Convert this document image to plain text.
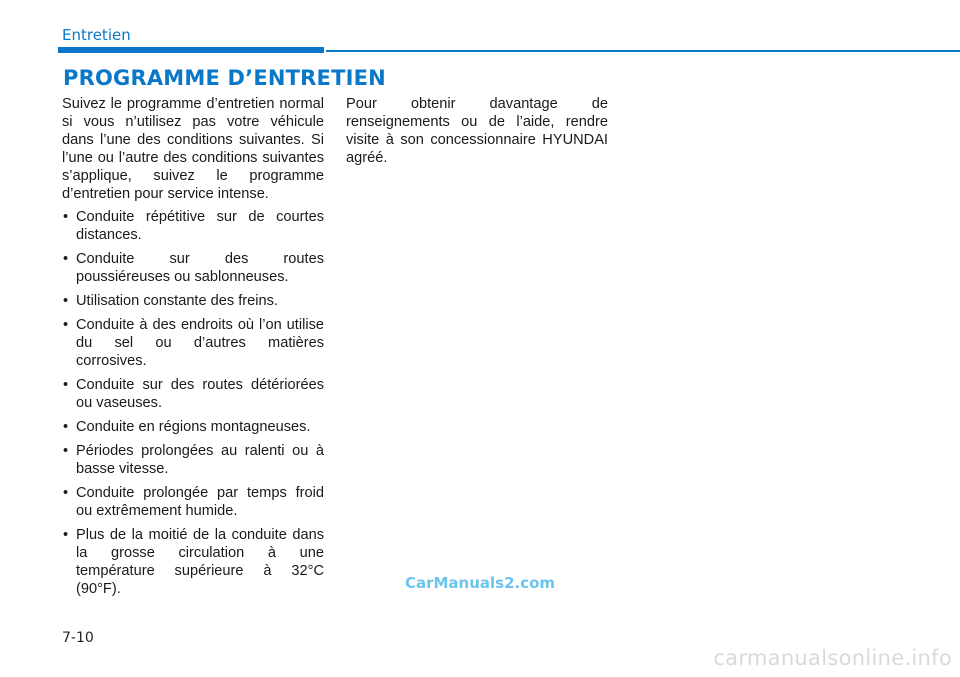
Entretien
PROGRAMME D’ENTRETIEN

Suivez le programme d’entretien normal si vous n’utilisez pas votre véhicule dans l’une des conditions suivantes. Si l’une ou l’autre des conditions suivantes s’applique, suivez le programme d’entretien pour service intense.

• Conduite répétitive sur de courtes distances.
• Conduite sur des routes poussiéreuses ou sablonneuses.
• Utilisation constante des freins.
• Conduite à des endroits où l’on utilise du sel ou d’autres matières corrosives.
• Conduite sur des routes détériorées ou vaseuses.
• Conduite en régions montagneuses.
• Périodes prolongées au ralenti ou à basse vitesse.
• Conduite prolongée par temps froid ou extrêmement humide.
• Plus de la moitié de la conduite dans la grosse circulation à une température supérieure à 32°C (90°F).

Pour obtenir davantage de renseignements ou de l’aide, rendre visite à son concessionnaire HYUNDAI agréé.

CarManuals2.com
7-10
carmanualsonline.info
